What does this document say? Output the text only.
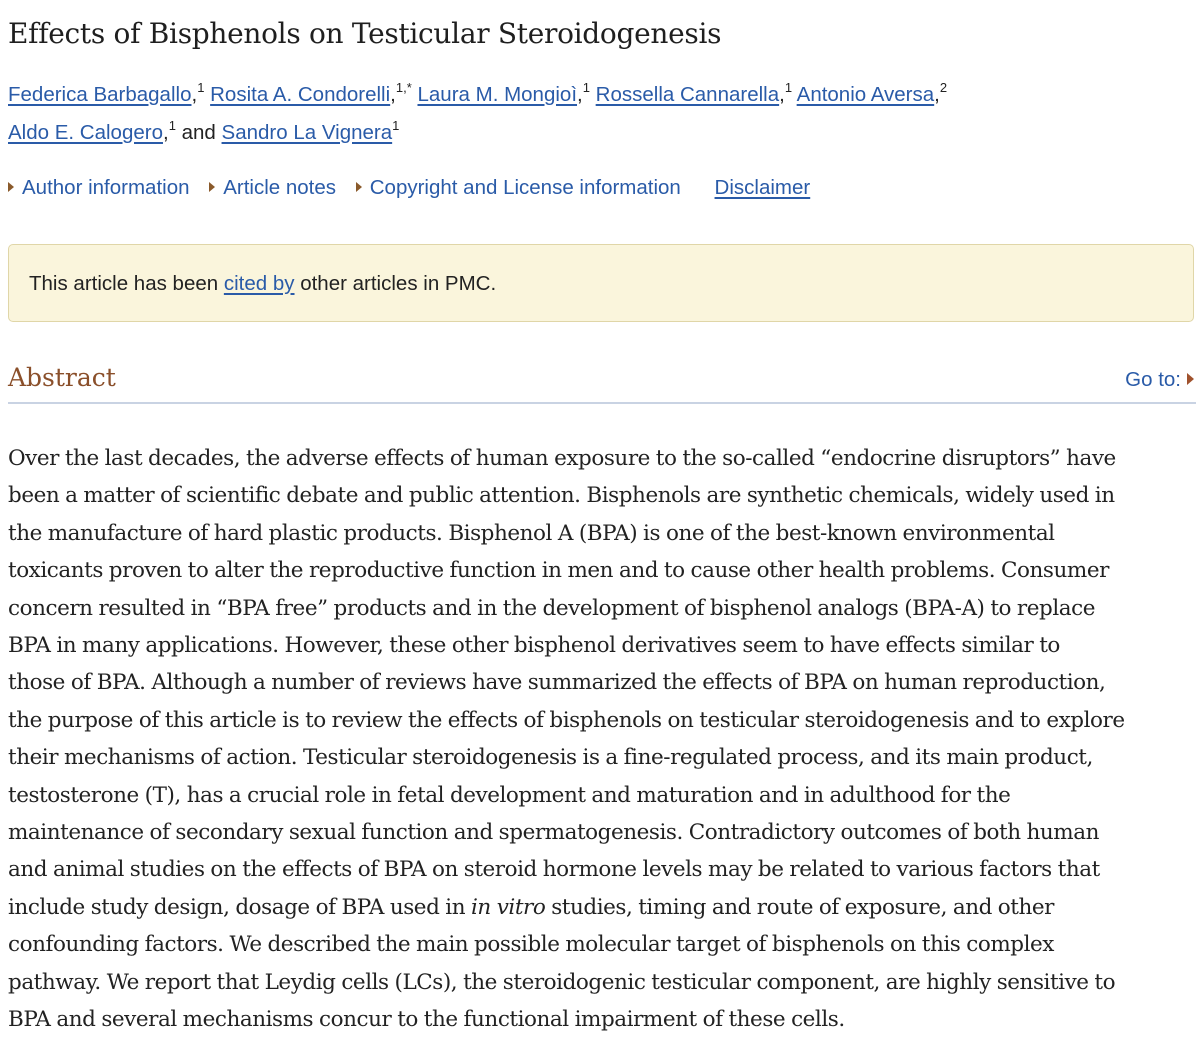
Effects of Bisphenols on Testicular Steroidogenesis
Federica Barbagallo,$^1$ Rosita A. Condorelli,$^{1,*}$ Laura M. Mongioì,$^1$ Rossella Cannarella,$^1$ Antonio Aversa,$^2$
Aldo E. Calogero,$^1$ and Sandro La Vignera$^1$
Author information Article notes Copyright and License information Disclaimer
This article has been cited by other articles in PMC.
Abstract	Go to:

Over the last decades, the adverse effects of human exposure to the so-called “endocrine disruptors” have
been a matter of scientific debate and public attention. Bisphenols are synthetic chemicals, widely used in
the manufacture of hard plastic products. Bisphenol A (BPA) is one of the best-known environmental
toxicants proven to alter the reproductive function in men and to cause other health problems. Consumer
concern resulted in “BPA free” products and in the development of bisphenol analogs (BPA-A) to replace
BPA in many applications. However, these other bisphenol derivatives seem to have effects similar to
those of BPA. Although a number of reviews have summarized the effects of BPA on human reproduction,
the purpose of this article is to review the effects of bisphenols on testicular steroidogenesis and to explore
their mechanisms of action. Testicular steroidogenesis is a fine-regulated process, and its main product,
testosterone (T), has a crucial role in fetal development and maturation and in adulthood for the
maintenance of secondary sexual function and spermatogenesis. Contradictory outcomes of both human
and animal studies on the effects of BPA on steroid hormone levels may be related to various factors that
include study design, dosage of BPA used in in vitro studies, timing and route of exposure, and other
confounding factors. We described the main possible molecular target of bisphenols on this complex
pathway. We report that Leydig cells (LCs), the steroidogenic testicular component, are highly sensitive to
BPA and several mechanisms concur to the functional impairment of these cells.
